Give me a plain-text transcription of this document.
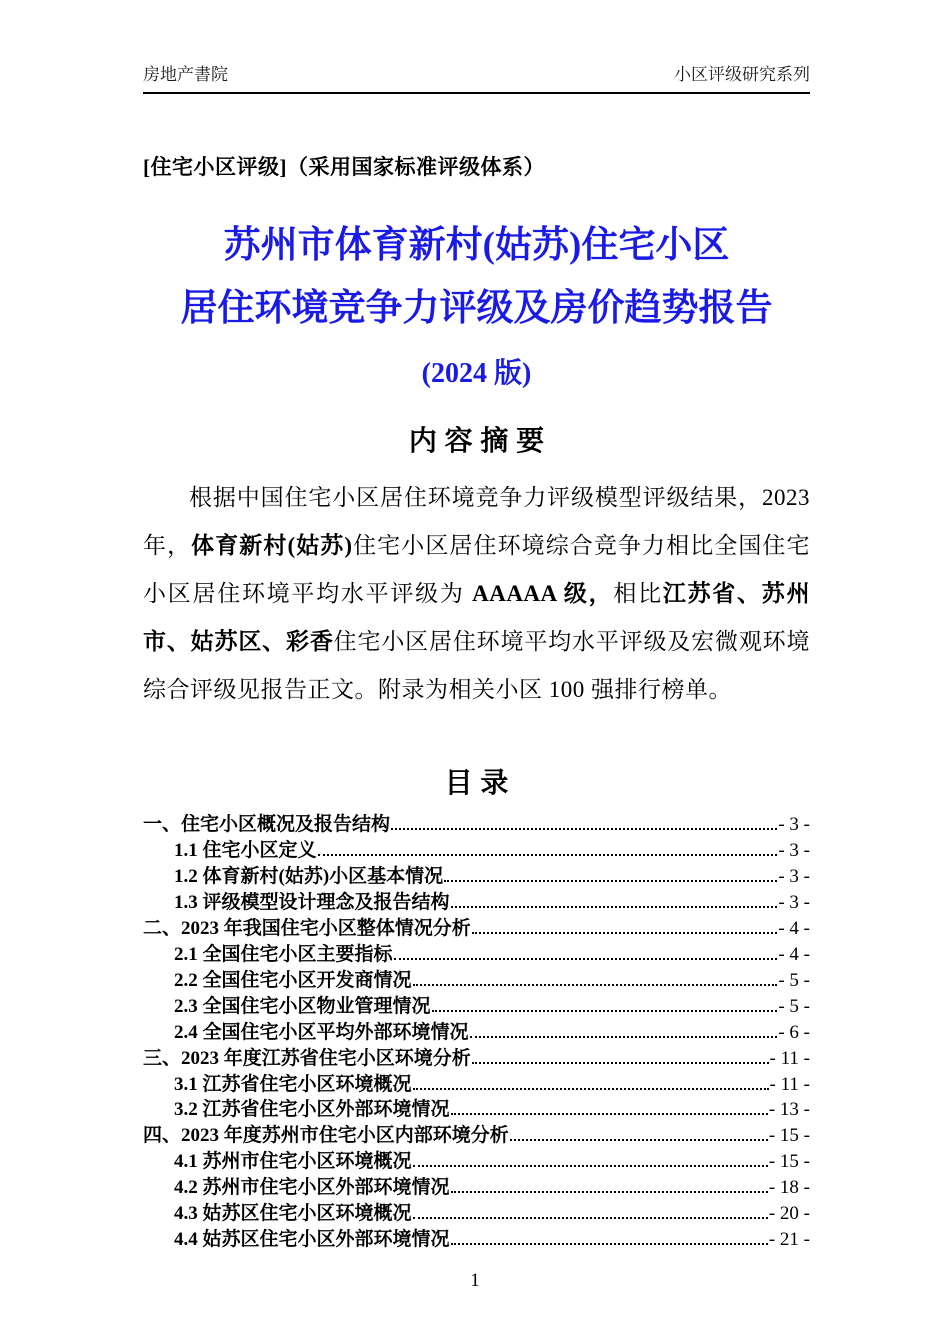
房地产書院	小区评级研究系列
[住宅小区评级]（采用国家标准评级体系）
苏州市体育新村(姑苏)住宅小区
居住环境竞争力评级及房价趋势报告
(2024 版)
内 容 摘 要

根据中国住宅小区居住环境竞争力评级模型评级结果，2023 年，体育新村(姑苏)住宅小区居住环境综合竞争力相比全国住宅小区居住环境平均水平评级为 AAAAA 级，相比江苏省、苏州市、姑苏区、彩香住宅小区居住环境平均水平评级及宏微观环境综合评级见报告正文。附录为相关小区 100 强排行榜单。

目 录
一、住宅小区概况及报告结构	- 3 -
1.1 住宅小区定义	- 3 -
1.2 体育新村(姑苏)小区基本情况	- 3 -
1.3 评级模型设计理念及报告结构	- 3 -
二、2023 年我国住宅小区整体情况分析	- 4 -
2.1 全国住宅小区主要指标	- 4 -
2.2 全国住宅小区开发商情况	- 5 -
2.3 全国住宅小区物业管理情况	- 5 -
2.4 全国住宅小区平均外部环境情况	- 6 -
三、2023 年度江苏省住宅小区环境分析	- 11 -
3.1 江苏省住宅小区环境概况	- 11 -
3.2 江苏省住宅小区外部环境情况	- 13 -
四、2023 年度苏州市住宅小区内部环境分析	- 15 -
4.1 苏州市住宅小区环境概况	- 15 -
4.2 苏州市住宅小区外部环境情况	- 18 -
4.3 姑苏区住宅小区环境概况	- 20 -
4.4 姑苏区住宅小区外部环境情况	- 21 -
1
